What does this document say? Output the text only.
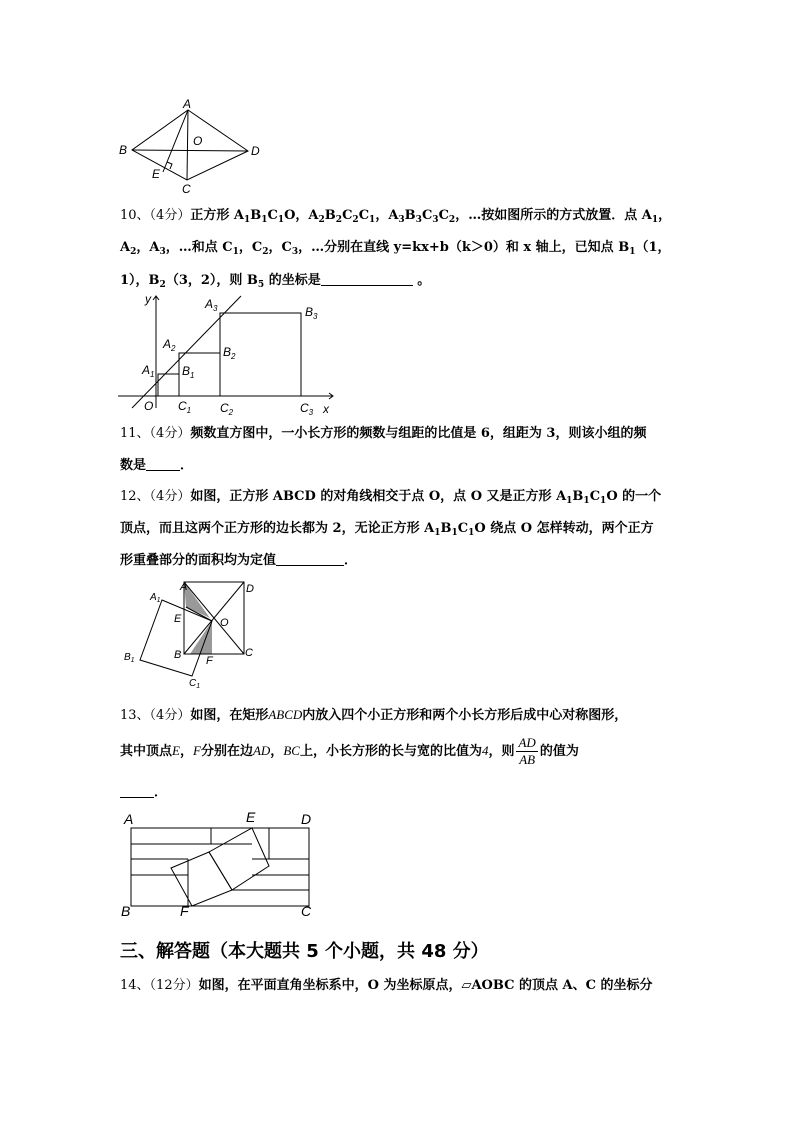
A
B
C
D
E
O
10、（4分）正方形 $A_1B_1C_1O$，$A_2B_2C_2C_1$，$A_3B_3C_3C_2$，…按如图所示的方式放置．点 $A_1$，
$A_2$，$A_3$，…和点 $C_1$，$C_2$，$C_3$，…分别在直线 y=kx+b（k＞0）和 x 轴上，已知点 $B_1(1$，
1），$B_2(3$，2），则 $B_5$ 的坐标是	。
y
x
O
$A_1$
$A_2$
$A_3$
$B_1$
$B_2$
$B_3$
$C_1$ $C_2$	$C_3$
11、（4分）频数直方图中，一小长方形的频数与组距的比值是 6，组距为 3，则该小组的频
数是	．
12、（4分）如图，正方形 ABCD 的对角线相交于点 O，点 O 又是正方形 $A_1B_1C_1O$ 的一个
顶点，而且这两个正方形的边长都为 2，无论正方形 $A_1B_1C_1O$ 绕点 O 怎样转动，两个正方
形重叠部分的面积均为定值	．
A	D
E	O
B F
C
$A_1$
$B_1$
$C_1$
13、（4分）如图，在矩形ABCD内放入四个小正方形和两个小长方形后成中心对称图形，
其中顶点E，F分别在边AD，BC上，小长方形的长与宽的比值为4，则 $\frac{AD}{AB}$ 的值为
．
A	E	D
B	F	C
三、解答题（本大题共 5 个小题，共 48 分）
14、（12分）如图，在平面直角坐标系中，O 为坐标原点，▱AOBC 的顶点 A、C 的坐标分
